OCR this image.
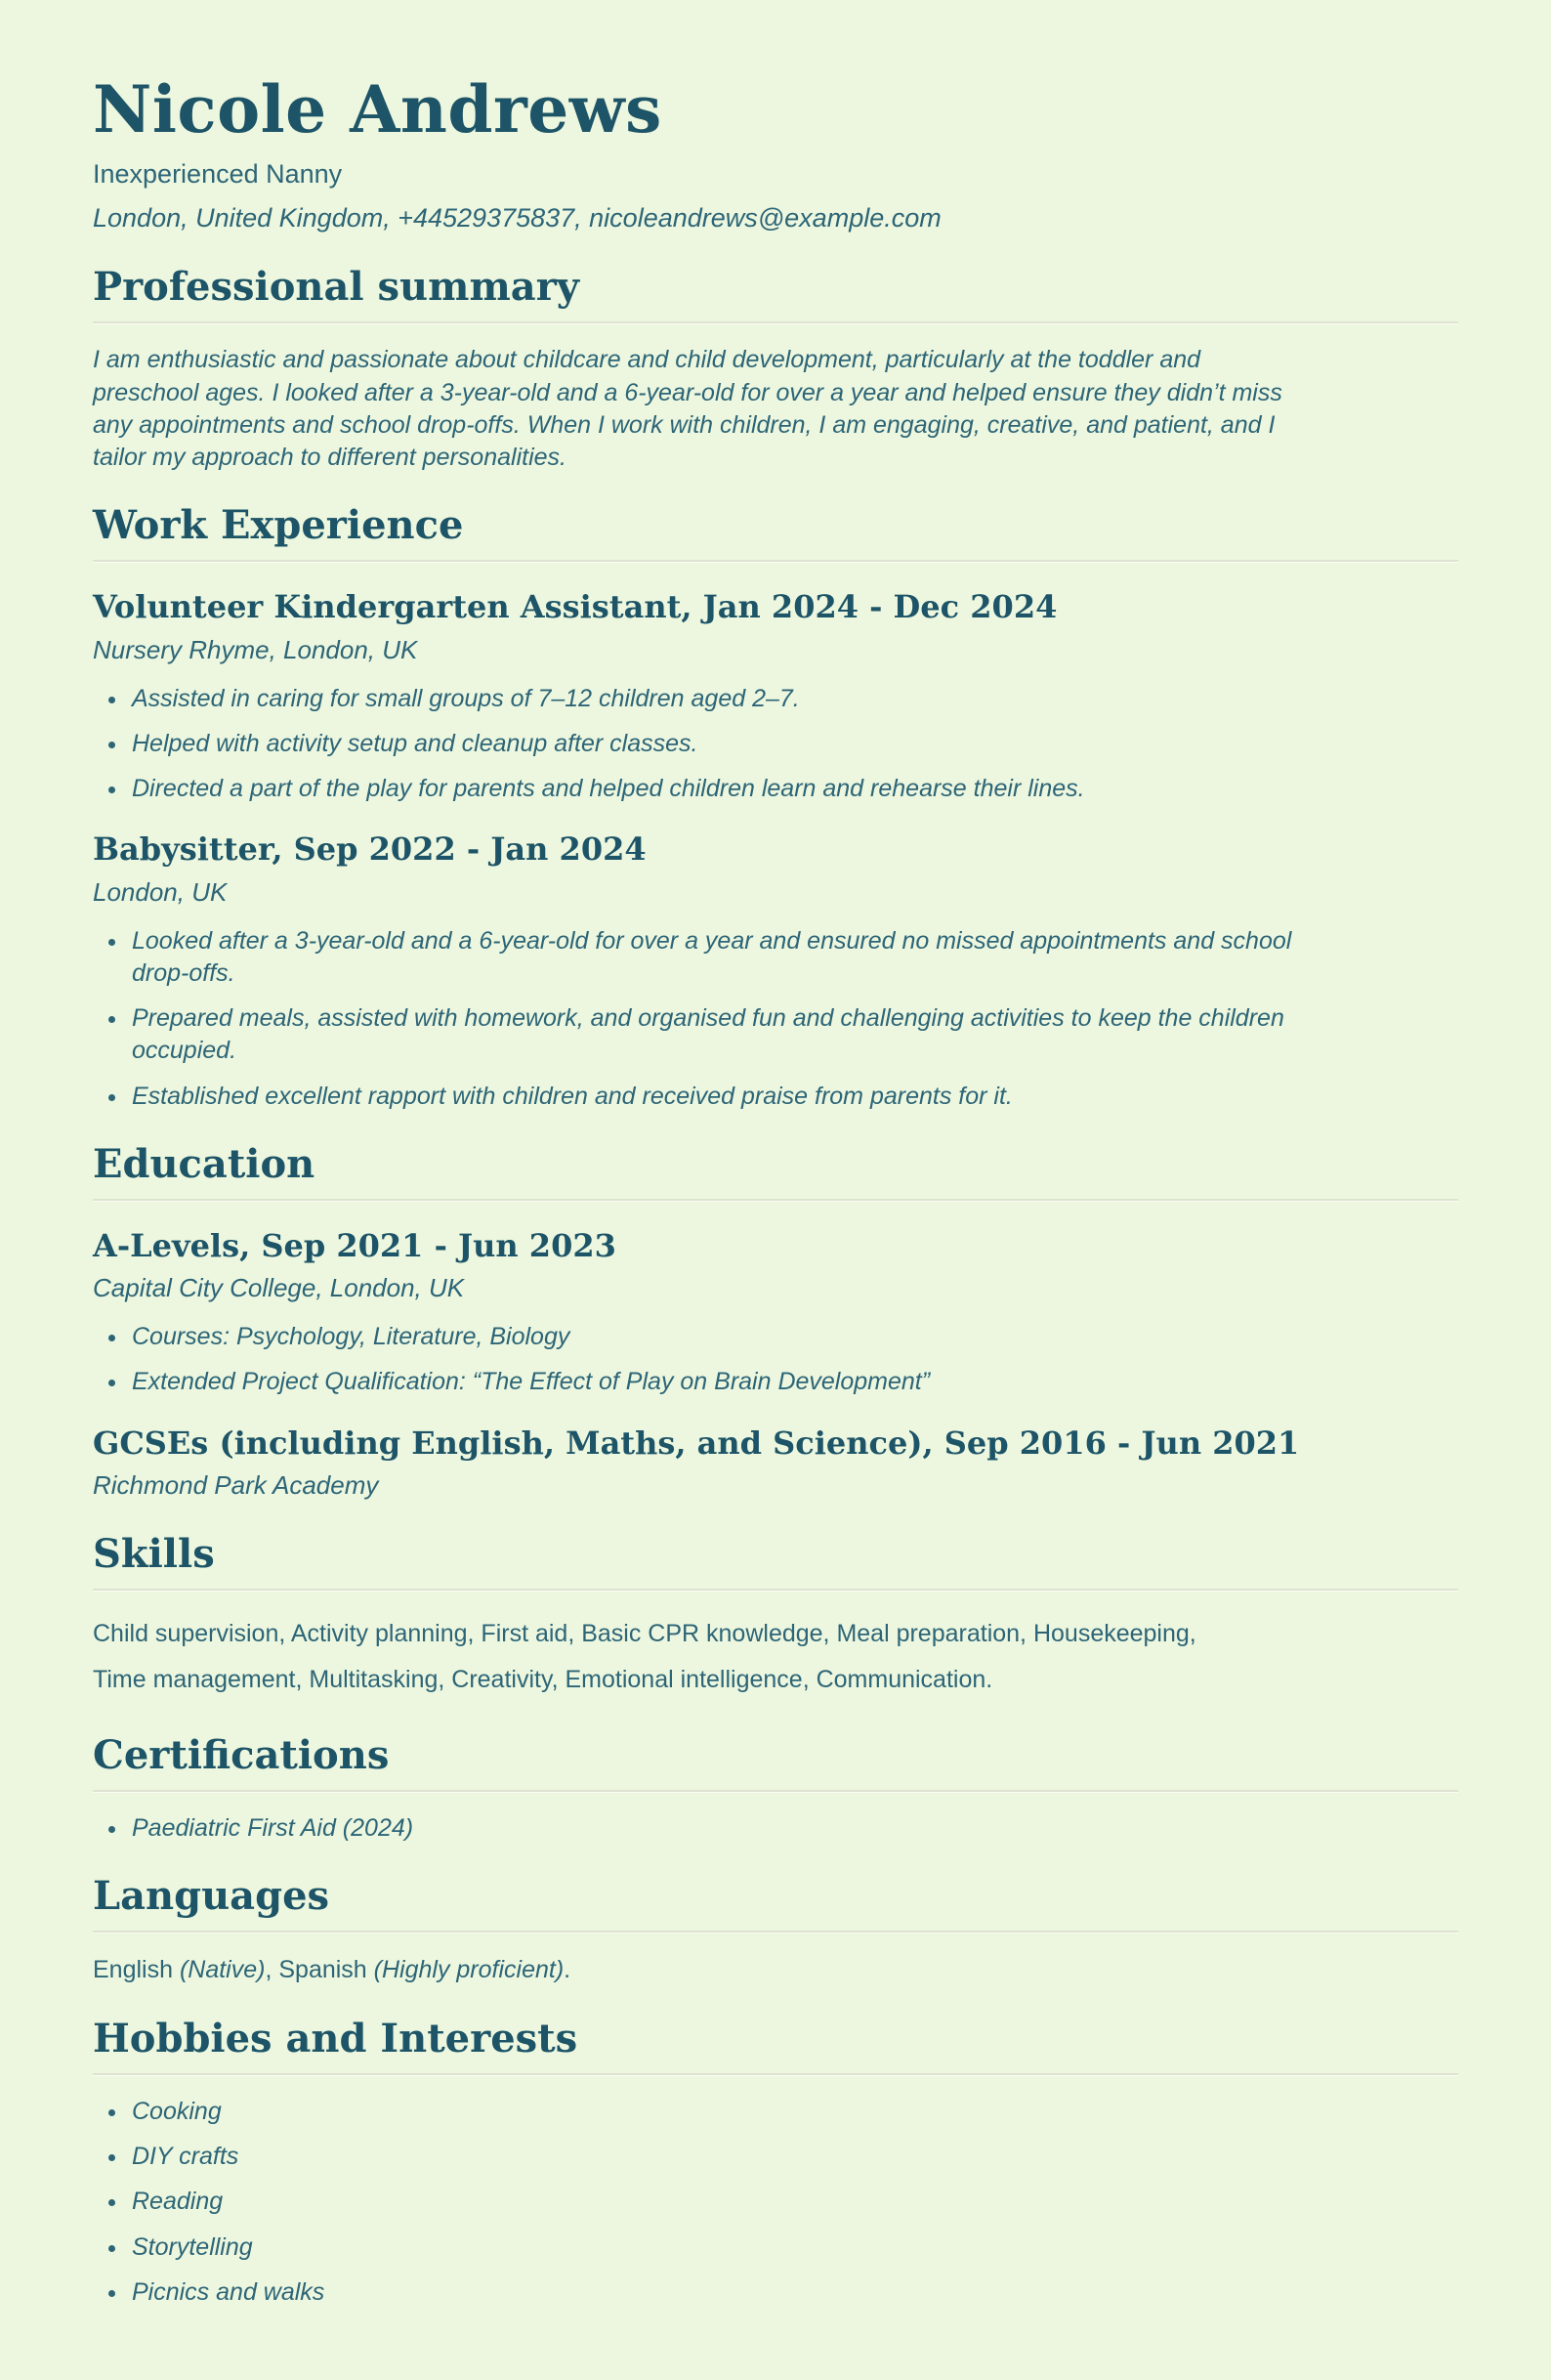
Nicole Andrews

Inexperienced Nanny

London, United Kingdom, +44529375837, nicoleandrews@example.com

Professional summary

I am enthusiastic and passionate about childcare and child development, particularly at the toddler and preschool ages. I looked after a 3-year-old and a 6-year-old for over a year and helped ensure they didn’t miss any appointments and school drop-offs. When I work with children, I am engaging, creative, and patient, and I tailor my approach to different personalities.

Work Experience
Volunteer Kindergarten Assistant, Jan 2024 - Dec 2024

Nursery Rhyme, London, UK

• Assisted in caring for small groups of 7–12 children aged 2–7.
• Helped with activity setup and cleanup after classes.
• Directed a part of the play for parents and helped children learn and rehearse their lines.
Babysitter, Sep 2022 - Jan 2024

London, UK

• Looked after a 3-year-old and a 6-year-old for over a year and ensured no missed appointments and school drop-offs.
• Prepared meals, assisted with homework, and organised fun and challenging activities to keep the children occupied.
• Established excellent rapport with children and received praise from parents for it.
Education
A-Levels, Sep 2021 - Jun 2023

Capital City College, London, UK

• Courses: Psychology, Literature, Biology
• Extended Project Qualification: “The Effect of Play on Brain Development”
GCSEs (including English, Maths, and Science), Sep 2016 - Jun 2021

Richmond Park Academy

Skills

Child supervision, Activity planning, First aid, Basic CPR knowledge, Meal preparation, Housekeeping, Time management, Multitasking, Creativity, Emotional intelligence, Communication.

Certifications
• Paediatric First Aid (2024)
Languages

English (Native), Spanish (Highly proficient).

Hobbies and Interests
• Cooking
• DIY crafts
• Reading
• Storytelling
• Picnics and walks
